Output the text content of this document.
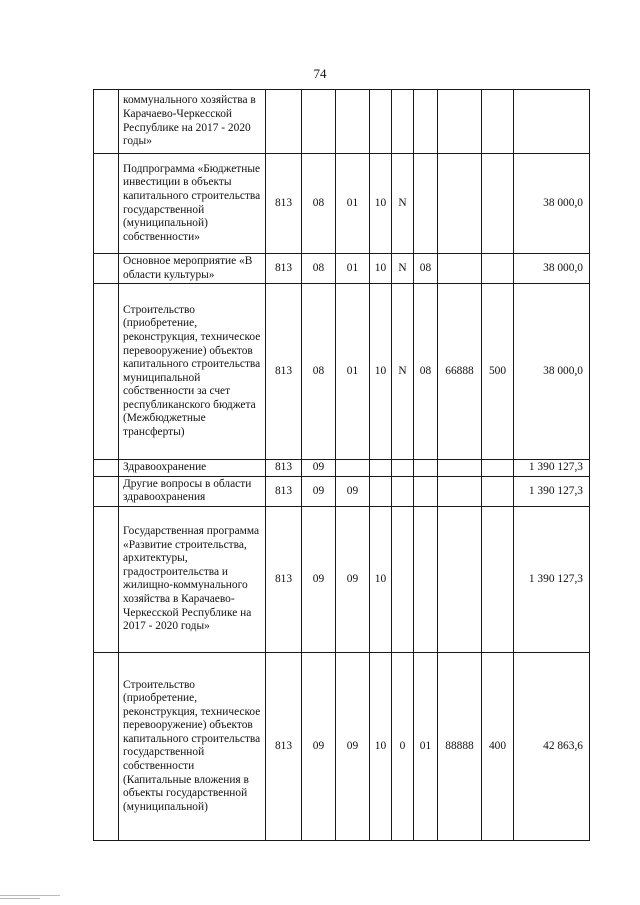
74
	коммунального хозяйства в Карачаево-Черкесской Республике на 2017 - 2020 годы»									
	Подпрограмма «Бюджетные инвестиции в объекты капитального строительства государственной (муниципальной) собственности»	813	08	01	10	N				38 000,0
	Основное мероприятие «В области культуры»	813	08	01	10	N	08			38 000,0
	Строительство (приобретение, реконструкция, техническое перевооружение) объектов капитального строительства муниципальной собственности за счет республиканского бюджета (Межбюджетные трансферты)	813	08	01	10	N	08	66888	500	38 000,0
	Здравоохранение	813	09							1 390 127,3
	Другие вопросы в области здравоохранения	813	09	09						1 390 127,3
	Государственная программа «Развитие строительства, архитектуры, градостроительства и жилищно-коммунального хозяйства в Карачаево-Черкесской Республике на 2017 - 2020 годы»	813	09	09	10					1 390 127,3
	Строительство (приобретение, реконструкция, техническое перевооружение) объектов капитального строительства государственной собственности (Капитальные вложения в объекты государственной (муниципальной)	813	09	09	10	0	01	88888	400	42 863,6
